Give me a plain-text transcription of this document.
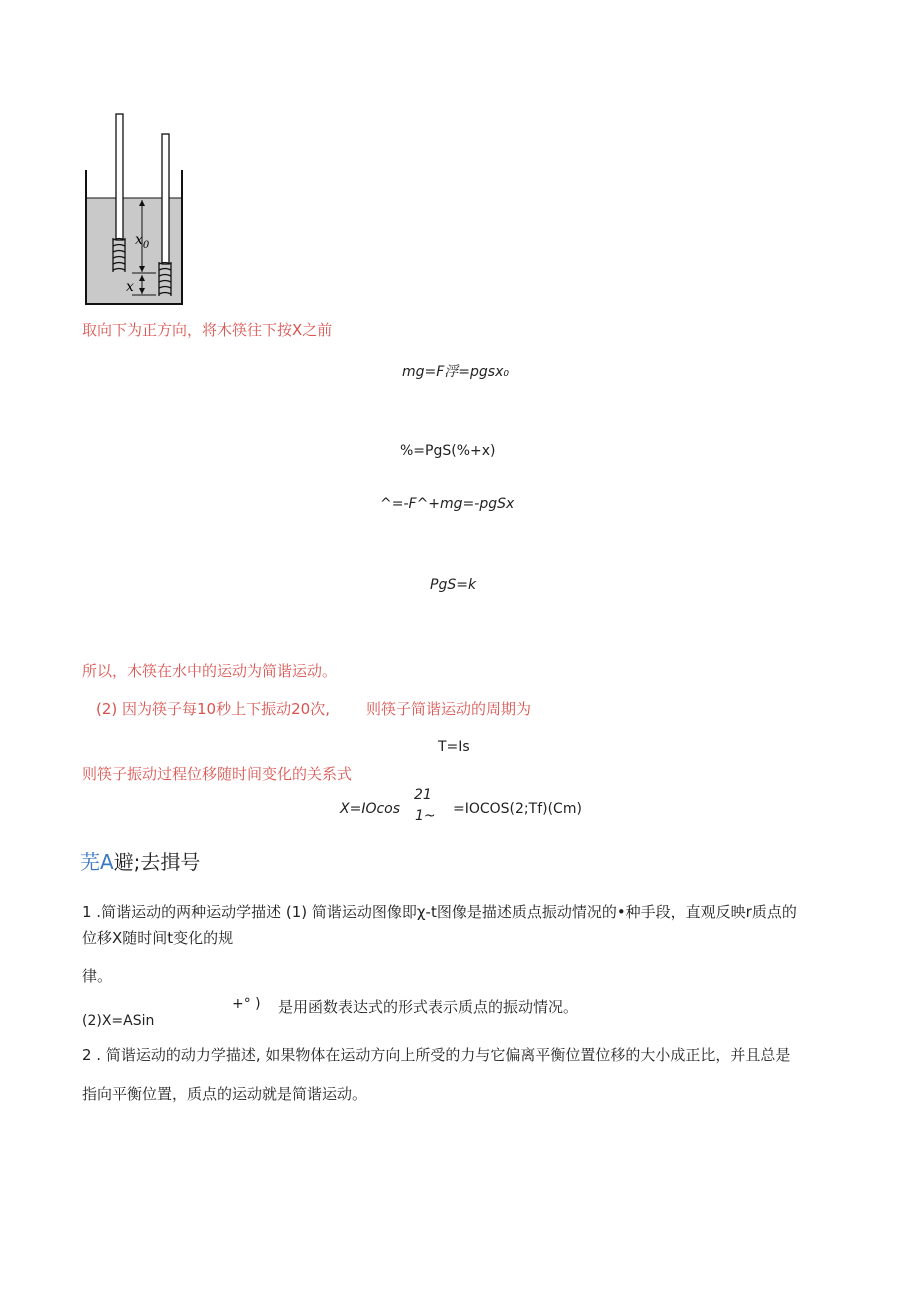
$x_0$
x
取向下为正方向，将木筷往下按X之前
mg=F浮=pgsx₀
%=PgS(%+x)
^=-F^+mg=-pgSx
PgS=k
所以，木筷在水中的运动为简谐运动。
(2) 因为筷子每10秒上下振动20次, 则筷子简谐运动的周期为
T=Is
则筷子振动过程位移随时间变化的关系式
X=IOcos
21
1~ =IOCOS(2;Tf)(Cm)
芜A避;去揖号
1 .简谐运动的两种运动学描述 (1) 简谐运动图像即χ-t图像是描述质点振动情况的•种手段，直观反映r质点的
位移X随时间t变化的规
律。
+° ) 是用函数表达式的形式表示质点的振动情况。
(2)X=ASin
2 . 简谐运动的动力学描述, 如果物体在运动方向上所受的力与它偏离平衡位置位移的大小成正比，并且总是
指向平衡位置，质点的运动就是简谐运动。
